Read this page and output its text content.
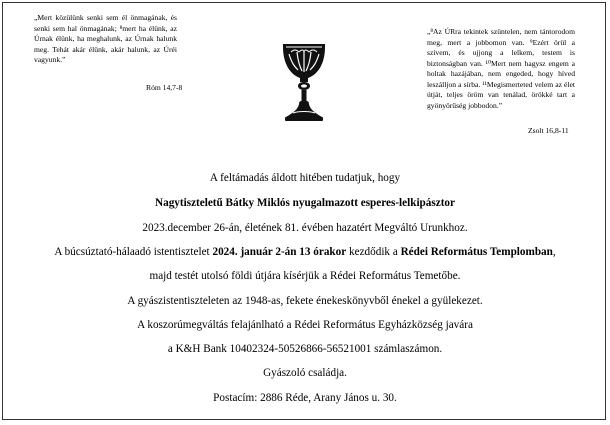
„Mert közülünk senki sem él önmagának, és senki sem hal önmagának; ⁸mert ha élünk, az Úrnak élünk, ha meghalunk, az Úrnak halunk meg. Tehát akár élünk, akár halunk, az Úréi vagyunk.”

Róm 14,7-8

„⁸Az ÚRra tekintek szüntelen, nem tántorodom meg, mert a jobbomon van. ⁹Ezért örül a szívem, és ujjong a lelkem, testem is biztonságban van. ¹⁰Mert nem hagysz engem a holtak hazájában, nem engeded, hogy híved leszálljon a sírba. ¹¹Megismerteted velem az élet útját, teljes öröm van tenálad, örökké tart a gyönyörűség jobbodon.”

Zsolt 16,8-11
A feltámadás áldott hitében tudatjuk, hogy
Nagytiszteletű Bátky Miklós nyugalmazott esperes-lelkipásztor
2023.december 26-án, életének 81. évében hazatért Megváltó Urunkhoz.
A búcsúztató-hálaadó istentisztelet 2024. január 2-án 13 órakor kezdődik a Rédei Református Templomban,
majd testét utolsó földi útjára kísérjük a Rédei Református Temetőbe.
A gyászistentiszteleten az 1948-as, fekete énekeskönyvből énekel a gyülekezet.
A koszorúmegváltás felajánlható a Rédei Református Egyházközség javára
a K&H Bank 10402324-50526866-56521001 számlaszámon.
Gyászoló családja.
Postacím: 2886 Réde, Arany János u. 30.
